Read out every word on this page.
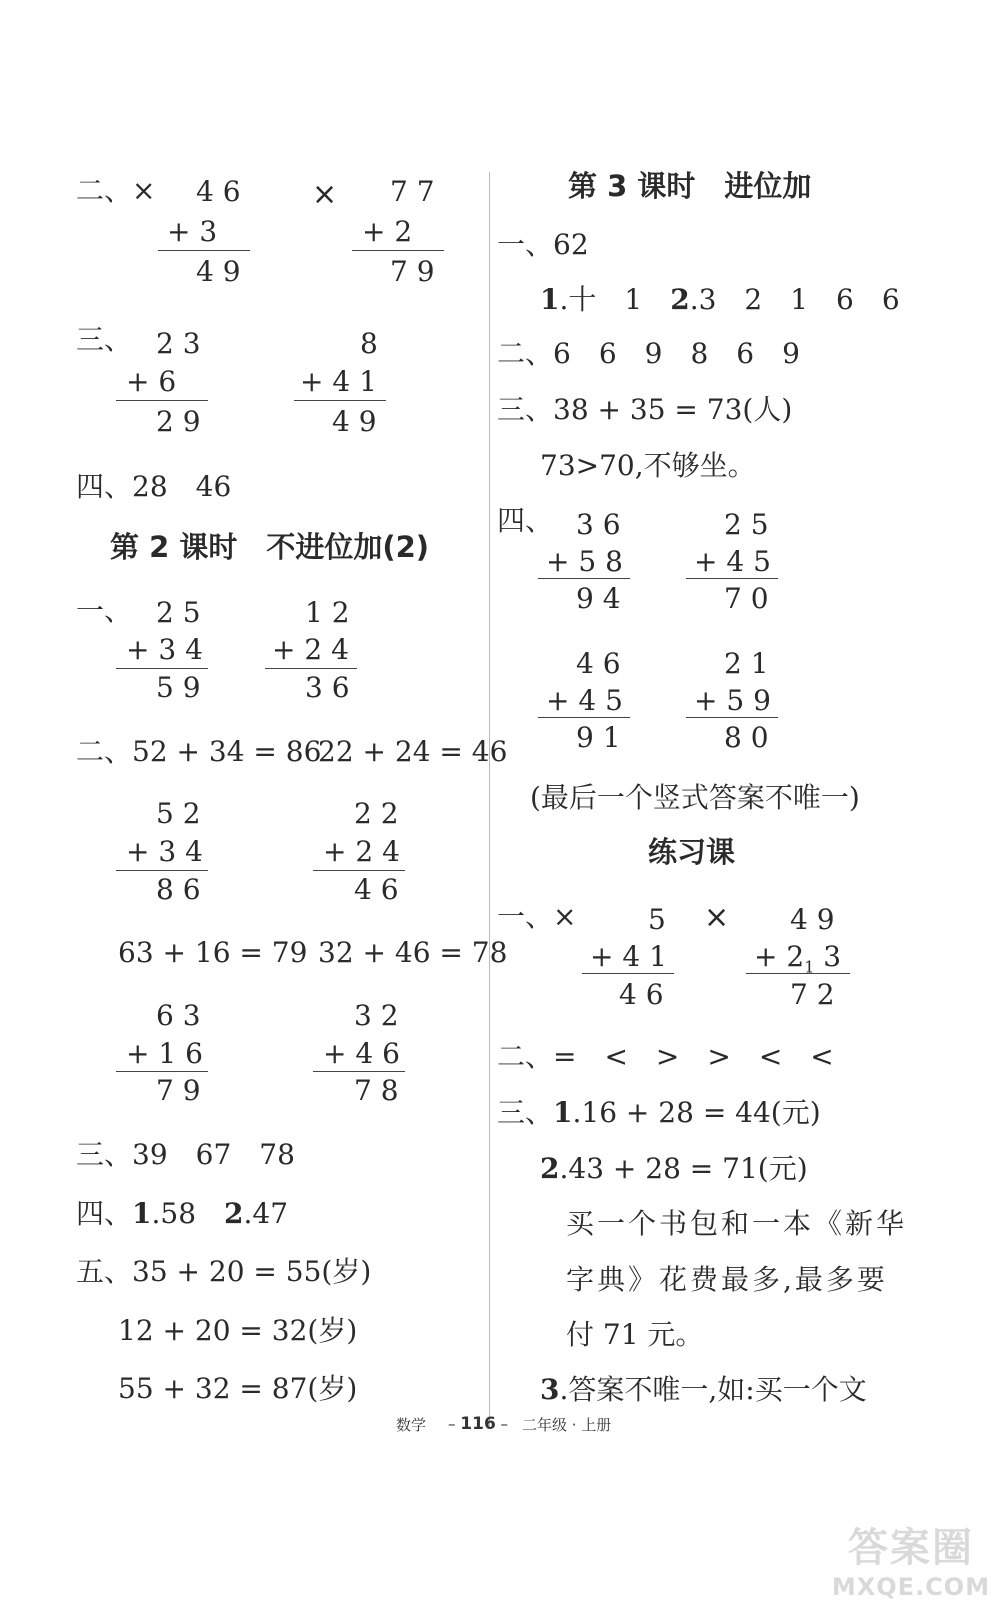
二、× 4 6
+ 3
4 9
× 7 7
+ 2
7 9
三、 2 3
+ 6
2 9
8
+ 4 1
4 9
四、28　46
第 2 课时　不进位加(2)
一、 2 5
+ 3 4
5 9
1 2
+ 2 4
3 6
二、52 + 34 = 86
22 + 24 = 46
5 2
+ 3 4
8 6
2 2
+ 2 4
4 6
63 + 16 = 79 32 + 46 = 78
6 3
+ 1 6
7 9
3 2
+ 4 6
7 8
三、39　67　78
四、1.58　 2.47
五、35 + 20 = 55(岁)
12 + 20 = 32(岁)
55 + 32 = 87(岁)
第 3 课时　进位加
一、62
1.十　1　 2.3　2　1　6　6
二、6　6　9　8　6　9
三、38 + 35 = 73(人)
73>70,不够坐。
四、 3 6
+ 5 8
9 4
2 5
+ 4 5
7 0
4 6
+ 4 5
9 1
2 1
+ 5 9
8 0
(最后一个竖式答案不唯一)
练习课
一、×	5
+ 4 1
4 6
× 4 9
+ $2_1$ 3
7 2
二、=　<　>　>　<　<
三、1.16 + 28 = 44(元)
2.43 + 28 = 71(元)
买一个书包和一本《新华
字典》花费最多,最多要
付 71 元。
3.答案不唯一,如:买一个文
数学 – 116 – 二年级 · 上册
答案圈
MXQE.COM
